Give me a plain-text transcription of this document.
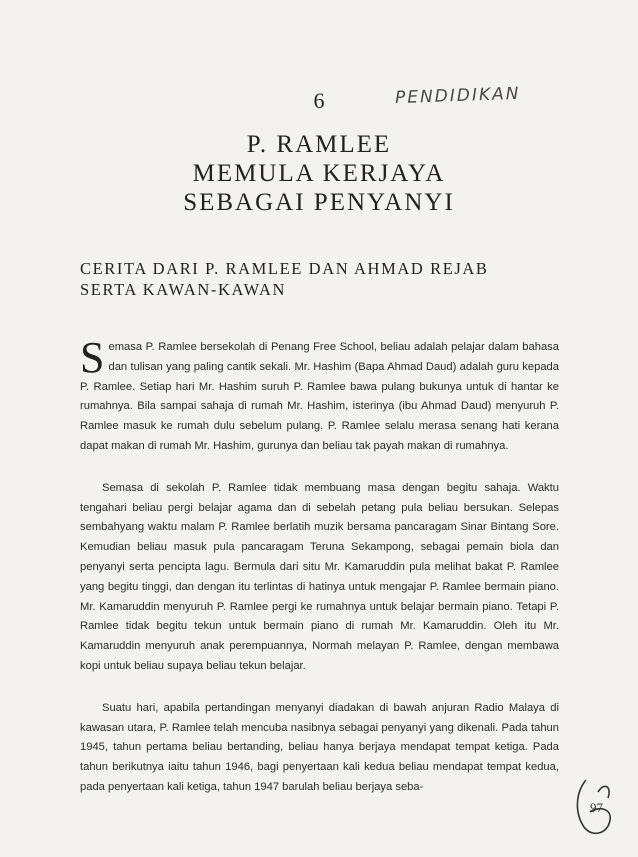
6	PENDIDIKAN
P. RAMLEE
MEMULA KERJAYA
SEBAGAI PENYANYI
CERITA DARI P. RAMLEE DAN AHMAD REJAB
SERTA KAWAN-KAWAN

Semasa P. Ramlee bersekolah di Penang Free School, beliau adalah pelajar dalam bahasa dan tulisan yang paling cantik sekali. Mr. Hashim (Bapa Ahmad Daud) adalah guru kepada P. Ramlee. Setiap hari Mr. Hashim suruh P. Ramlee bawa pulang bukunya untuk di hantar ke rumahnya. Bila sampai sahaja di rumah Mr. Hashim, isterinya (ibu Ahmad Daud) menyuruh P. Ramlee masuk ke rumah dulu sebelum pulang. P. Ramlee selalu merasa senang hati kerana dapat makan di rumah Mr. Hashim, gurunya dan beliau tak payah makan di rumahnya.

Semasa di sekolah P. Ramlee tidak membuang masa dengan begitu sahaja. Waktu tengahari beliau pergi belajar agama dan di sebelah petang pula beliau bersukan. Selepas sembahyang waktu malam P. Ramlee berlatih muzik bersama pancaragam Sinar Bintang Sore. Kemudian beliau masuk pula pancaragam Teruna Sekampong, sebagai pemain biola dan penyanyi serta pencipta lagu. Bermula dari situ Mr. Kamaruddin pula melihat bakat P. Ramlee yang begitu tinggi, dan dengan itu terlintas di hatinya untuk mengajar P. Ramlee bermain piano. Mr. Kamaruddin menyuruh P. Ramlee pergi ke rumahnya untuk belajar bermain piano. Tetapi P. Ramlee tidak begitu tekun untuk bermain piano di rumah Mr. Kamaruddin. Oleh itu Mr. Kamaruddin menyuruh anak perempuannya, Normah melayan P. Ramlee, dengan membawa kopi untuk beliau supaya beliau tekun belajar.

Suatu hari, apabila pertandingan menyanyi diadakan di bawah anjuran Radio Malaya di kawasan utara, P. Ramlee telah mencuba nasibnya sebagai penyanyi yang dikenali. Pada tahun 1945, tahun pertama beliau bertanding, beliau hanya berjaya mendapat tempat ketiga. Pada tahun berikutnya iaitu tahun 1946, bagi penyertaan kali kedua beliau mendapat tempat kedua, pada penyertaan kali ketiga, tahun 1947 barulah beliau berjaya seba-

97
